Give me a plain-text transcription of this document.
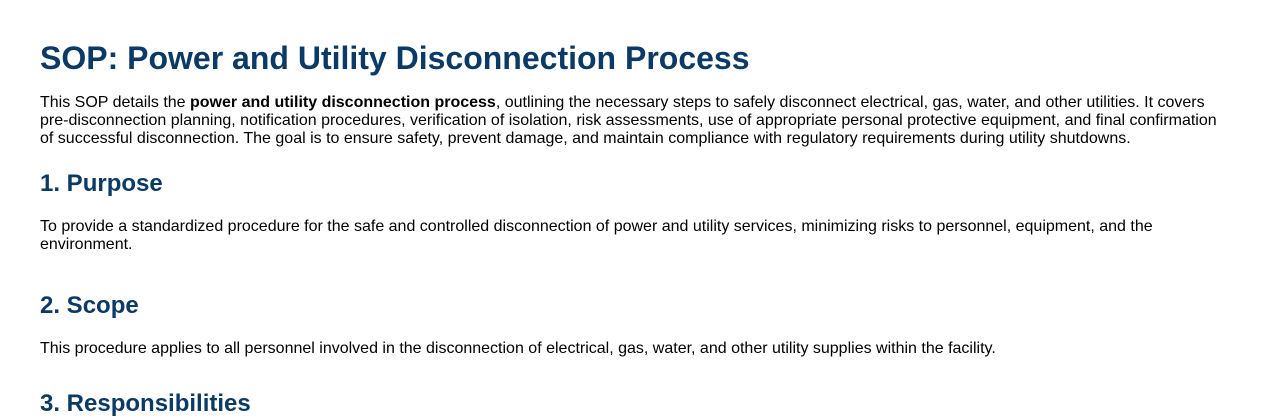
SOP: Power and Utility Disconnection Process

This SOP details the power and utility disconnection process, outlining the necessary steps to safely disconnect electrical, gas, water, and other utilities. It covers pre-disconnection planning, notification procedures, verification of isolation, risk assessments, use of appropriate personal protective equipment, and final confirmation of successful disconnection. The goal is to ensure safety, prevent damage, and maintain compliance with regulatory requirements during utility shutdowns.

1. Purpose

To provide a standardized procedure for the safe and controlled disconnection of power and utility services, minimizing risks to personnel, equipment, and the environment.

2. Scope

This procedure applies to all personnel involved in the disconnection of electrical, gas, water, and other utility supplies within the facility.

3. Responsibilities
